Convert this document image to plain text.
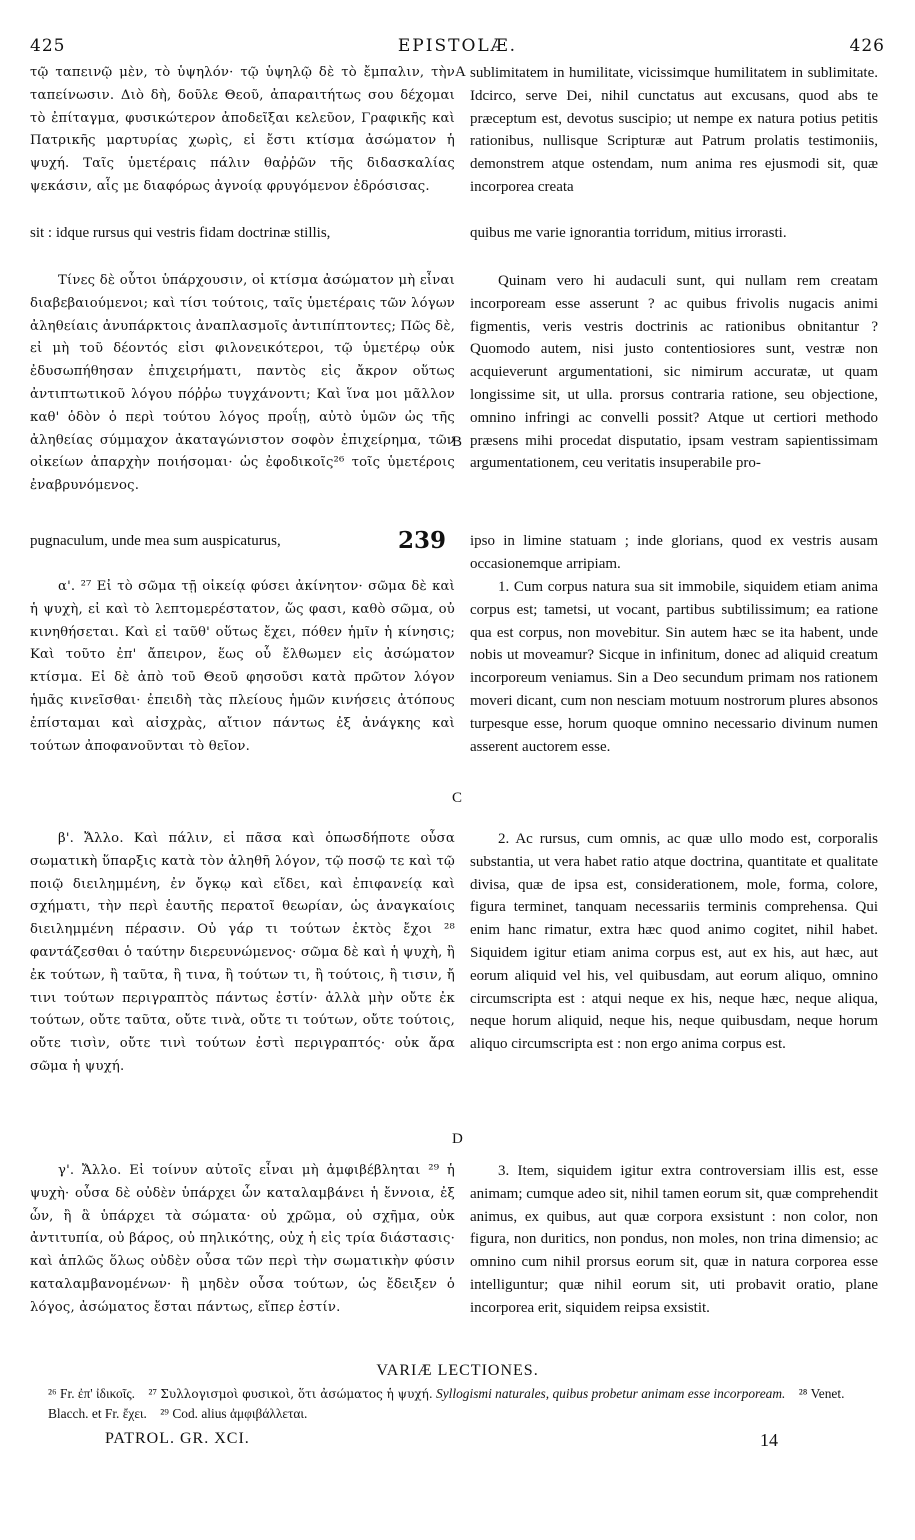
EPISTOLÆ.
425	426

τῷ ταπεινῷ μὲν, τὸ ὑψηλόν· τῷ ὑψηλῷ δὲ τὸ ἔμπαλιν, τὴν ταπείνωσιν. Διὸ δὴ, δοῦλε Θεοῦ, ἀπαραιτήτως σου δέχομαι τὸ ἐπίταγμα, φυσικώτερον ἀποδεῖξαι κελεῦον, Γραφικῆς καὶ Πατρικῆς μαρτυρίας χωρὶς, εἰ ἔστι κτίσμα ἀσώματον ἡ ψυχή. Ταῖς ὑμετέραις πάλιν θαῤῥῶν τῆς διδασκαλίας ψεκάσιν, αἷς με διαφόρως ἀγνοίᾳ φρυγόμενον ἐδρόσισας.

sublimitatem in humilitate, vicissimque humilitatem in sublimitate. Idcirco, serve Dei, nihil cunctatus aut excusans, quod abs te præceptum est, devotus suscipio; ut nempe ex natura potius petitis rationibus, nullisque Scripturæ aut Patrum prolatis testimoniis, demonstrem atque ostendam, num anima res ejusmodi sit, quæ incorporea creata

A
sit : idque rursus qui vestris fidam doctrinæ stillis,	quibus me varie ignorantia torridum, mitius irrorasti.

Τίνες δὲ οὗτοι ὑπάρχουσιν, οἱ κτίσμα ἀσώματον μὴ εἶναι διαβεβαιούμενοι; καὶ τίσι τούτοις, ταῖς ὑμετέραις τῶν λόγων ἀληθείαις ἀνυπάρκτοις ἀναπλασμοῖς ἀντιπίπτοντες; Πῶς δὲ, εἰ μὴ τοῦ δέοντός εἰσι φιλονεικότεροι, τῷ ὑμετέρῳ οὐκ ἐδυσωπήθησαν ἐπιχειρήματι, παντὸς εἰς ἄκρον οὕτως ἀντιπτωτικοῦ λόγου πόῤῥω τυγχάνοντι; Καὶ ἵνα μοι μᾶλλον καθ' ὁδὸν ὁ περὶ τούτου λόγος προΐῃ, αὐτὸ ὑμῶν ὡς τῆς ἀληθείας σύμμαχον ἀκαταγώνιστον σοφὸν ἐπιχείρημα, τῶν οἰκείων ἀπαρχὴν ποιήσομαι· ὡς ἐφοδικοῖς²⁶ τοῖς ὑμετέροις ἐναβρυνόμενος.

Quinam vero hi audaculi sunt, qui nullam rem creatam incorpoream esse asserunt ? ac quibus frivolis nugacis animi figmentis, veris vestris doctrinis ac rationibus obnitantur ? Quomodo autem, nisi justo contentiosiores sunt, vestræ non acquieverunt argumentationi, sic nimirum accuratæ, ut quam longissime sit, ut ulla. prorsus contraria ratione, seu objectione, omnino infringi ac convelli possit? Atque ut certiori methodo præsens mihi procedat disputatio, ipsam vestram sapientissimam argumentationem, ceu veritatis insuperabile pro-

B
pugnaculum, unde mea sum auspicaturus,	239 ipso in limine statuam ; inde glorians, quod ex vestris ausam occasionemque arripiam.

α'. ²⁷ Εἰ τὸ σῶμα τῇ οἰκείᾳ φύσει ἀκίνητον· σῶμα δὲ καὶ ἡ ψυχὴ, εἰ καὶ τὸ λεπτομερέστατον, ὥς φασι, καθὸ σῶμα, οὐ κινηθήσεται. Καὶ εἰ ταῦθ' οὕτως ἔχει, πόθεν ἡμῖν ἡ κίνησις; Καὶ τοῦτο ἐπ' ἄπειρον, ἕως οὗ ἔλθωμεν εἰς ἀσώματον κτίσμα. Εἰ δὲ ἀπὸ τοῦ Θεοῦ φησοῦσι κατὰ πρῶτον λόγον ἡμᾶς κινεῖσθαι· ἐπειδὴ τὰς πλείους ἡμῶν κινήσεις ἀτόπους ἐπίσταμαι καὶ αἰσχρὰς, αἴτιον πάντως ἐξ ἀνάγκης καὶ τούτων ἀποφανοῦνται τὸ θεῖον.

1. Cum corpus natura sua sit immobile, siquidem etiam anima corpus est; tametsi, ut vocant, partibus subtilissimum; ea ratione qua est corpus, non movebitur. Sin autem hæc se ita habent, unde nobis ut moveamur? Sicque in infinitum, donec ad aliquid creatum incorporeum veniamus. Sin a Deo secundum primam nos rationem moveri dicant, cum non nesciam motuum nostrorum plures absonos turpesque esse, horum quoque omnino necessario divinum numen asserent auctorem esse.

C

β'. Ἄλλο. Καὶ πάλιν, εἰ πᾶσα καὶ ὁπωσδήποτε οὖσα σωματικὴ ὕπαρξις κατὰ τὸν ἀληθῆ λόγον, τῷ ποσῷ τε καὶ τῷ ποιῷ διειλημμένη, ἐν ὄγκῳ καὶ εἴδει, καὶ ἐπιφανείᾳ καὶ σχήματι, τὴν περὶ ἑαυτῆς περατοῖ θεωρίαν, ὡς ἀναγκαίοις διειλημμένη πέρασιν. Οὐ γάρ τι τούτων ἐκτὸς ἔχοι ²⁸ φαντάζεσθαι ὁ ταύτην διερευνώμενος· σῶμα δὲ καὶ ἡ ψυχὴ, ἢ ἐκ τούτων, ἢ ταῦτα, ἢ τινα, ἢ τούτων τι, ἢ τούτοις, ἢ τισιν, ἤ τινι τούτων περιγραπτὸς πάντως ἐστίν· ἀλλὰ μὴν οὔτε ἐκ τούτων, οὔτε ταῦτα, οὔτε τινὰ, οὔτε τι τούτων, οὔτε τούτοις, οὔτε τισὶν, οὔτε τινὶ τούτων ἐστὶ περιγραπτός· οὐκ ἄρα σῶμα ἡ ψυχή.

2. Ac rursus, cum omnis, ac quæ ullo modo est, corporalis substantia, ut vera habet ratio atque doctrina, quantitate et qualitate divisa, quæ de ipsa est, considerationem, mole, forma, colore, figura terminet, tanquam necessariis terminis comprehensa. Qui enim hanc rimatur, extra hæc quod animo cogitet, nihil habet. Siquidem igitur etiam anima corpus est, aut ex his, aut hæc, aut eorum aliquid vel his, vel quibusdam, aut eorum aliquo, omnino circumscripta est : atqui neque ex his, neque hæc, neque aliqua, neque horum aliquid, neque his, neque quibusdam, neque horum aliquo circumscripta est : non ergo anima corpus est.

D

γ'. Ἄλλο. Εἰ τοίνυν αὐτοῖς εἶναι μὴ ἀμφιβέβληται ²⁹ ἡ ψυχὴ· οὖσα δὲ οὐδὲν ὑπάρχει ὧν καταλαμβάνει ἡ ἔννοια, ἐξ ὧν, ἢ ἃ ὑπάρχει τὰ σώματα· οὐ χρῶμα, οὐ σχῆμα, οὐκ ἀντιτυπία, οὐ βάρος, οὐ πηλικότης, οὐχ ἡ εἰς τρία διάστασις· καὶ ἁπλῶς ὅλως οὐδὲν οὖσα τῶν περὶ τὴν σωματικὴν φύσιν καταλαμβανομένων· ἢ μηδὲν οὖσα τούτων, ὡς ἔδειξεν ὁ λόγος, ἀσώματος ἔσται πάντως, εἴπερ ἐστίν.

3. Item, siquidem igitur extra controversiam illis est, esse animam; cumque adeo sit, nihil tamen eorum sit, quæ comprehendit animus, ex quibus, aut quæ corpora exsistunt : non color, non figura, non duritics, non pondus, non moles, non trina dimensio; ac omnino cum nihil prorsus eorum sit, quæ in natura corporea esse intelliguntur; quæ nihil eorum sit, uti probavit oratio, plane incorporea erit, siquidem reipsa exsistit.

VARIÆ LECTIONES.
²⁶ Fr. ἐπ' ἰδικοῖς. ²⁷ Συλλογισμοὶ φυσικοὶ, ὅτι ἀσώματος ἡ ψυχή. Syllogismi naturales, quibus probetur animam esse incorpoream. ²⁸ Venet. Blacch. et Fr. ἔχει. ²⁹ Cod. alius ἀμφιβάλλεται.
PATROL. GR. XCI.	14
